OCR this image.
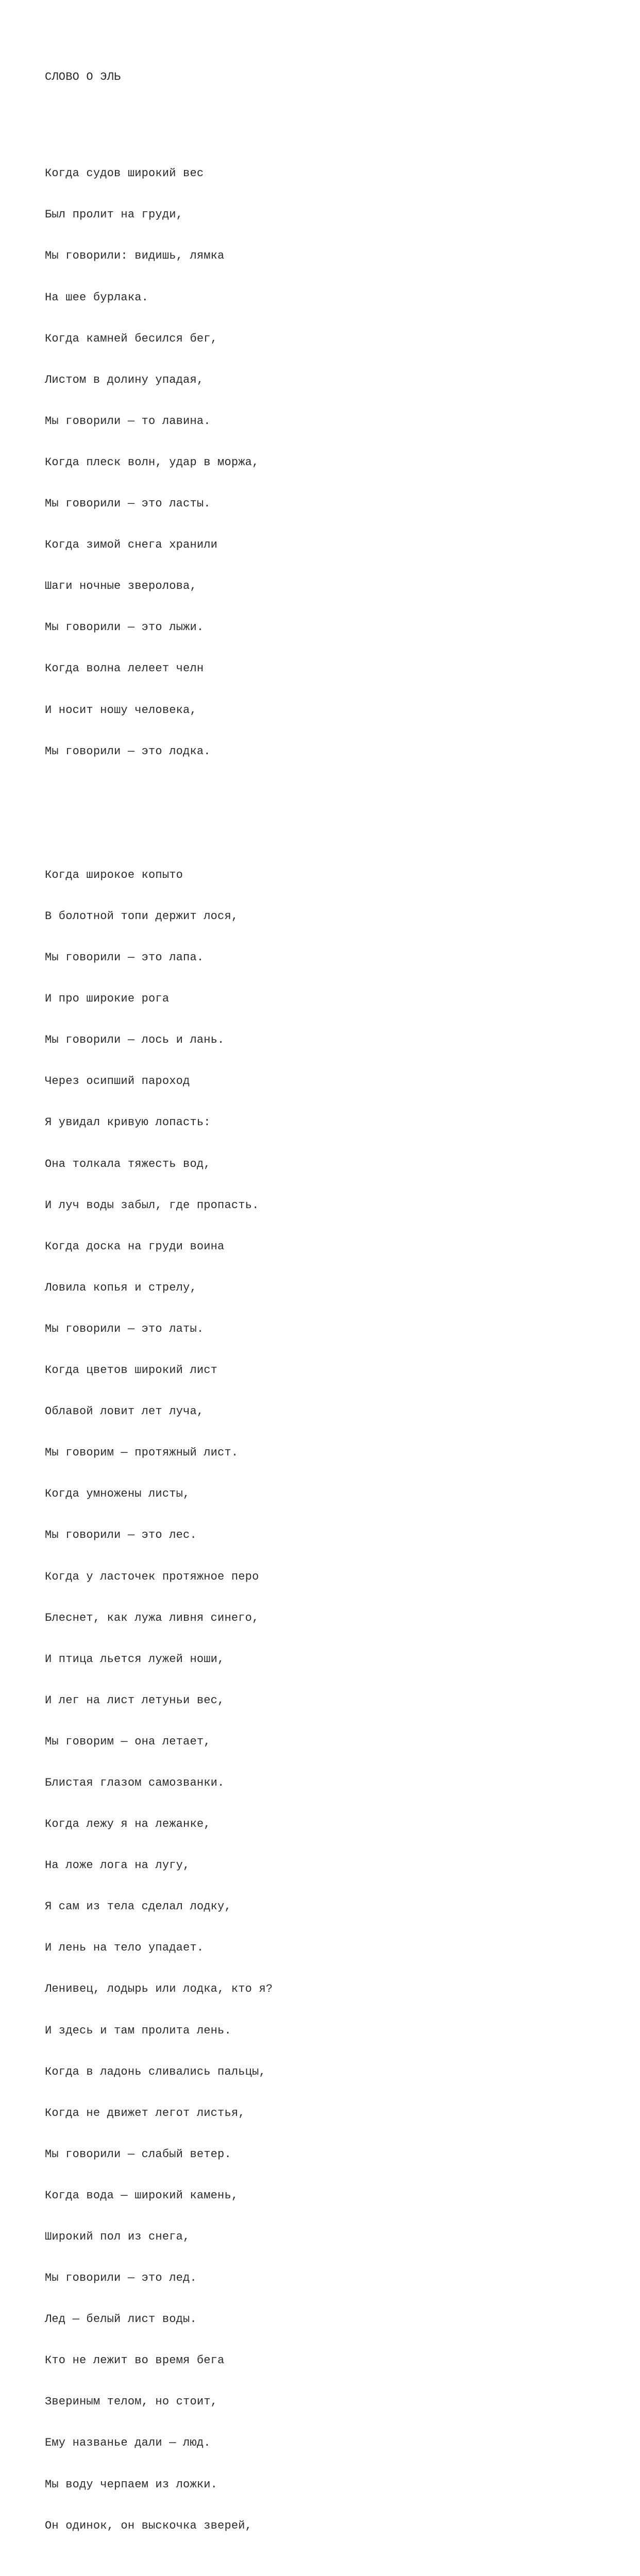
СЛОВО О ЭЛЬ

Когда судов широкий вес

Был пролит на груди,

Мы говорили: видишь, лямка

На шее бурлака.

Когда камней бесился бег,

Листом в долину упадая,

Мы говорили — то лавина.

Когда плеск волн, удар в моржа,

Мы говорили — это ласты.

Когда зимой снега хранили

Шаги ночные зверолова,

Мы говорили — это лыжи.

Когда волна лелеет челн

И носит ношу человека,

Мы говорили — это лодка.

Когда широкое копыто

В болотной топи держит лося,

Мы говорили — это лапа.

И про широкие рога

Мы говорили — лось и лань.

Через осипший пароход

Я увидал кривую лопасть:

Она толкала тяжесть вод,

И луч воды забыл, где пропасть.

Когда доска на груди воина

Ловила копья и стрелу,

Мы говорили — это латы.

Когда цветов широкий лист

Облавой ловит лет луча,

Мы говорим — протяжный лист.

Когда умножены листы,

Мы говорили — это лес.

Когда у ласточек протяжное перо

Блеснет, как лужа ливня синего,

И птица льется лужей ноши,

И лег на лист летуньи вес,

Мы говорим — она летает,

Блистая глазом самозванки.

Когда лежу я на лежанке,

На ложе лога на лугу,

Я сам из тела сделал лодку,

И лень на тело упадает.

Ленивец, лодырь или лодка, кто я?

И здесь и там пролита лень.

Когда в ладонь сливались пальцы,

Когда не движет легот листья,

Мы говорили — слабый ветер.

Когда вода — широкий камень,

Широкий пол из снега,

Мы говорили — это лед.

Лед — белый лист воды.

Кто не лежит во время бега

Звериным телом, но стоит,

Ему названье дали — люд.

Мы воду черпаем из ложки.

Он одинок, он выскочка зверей,
